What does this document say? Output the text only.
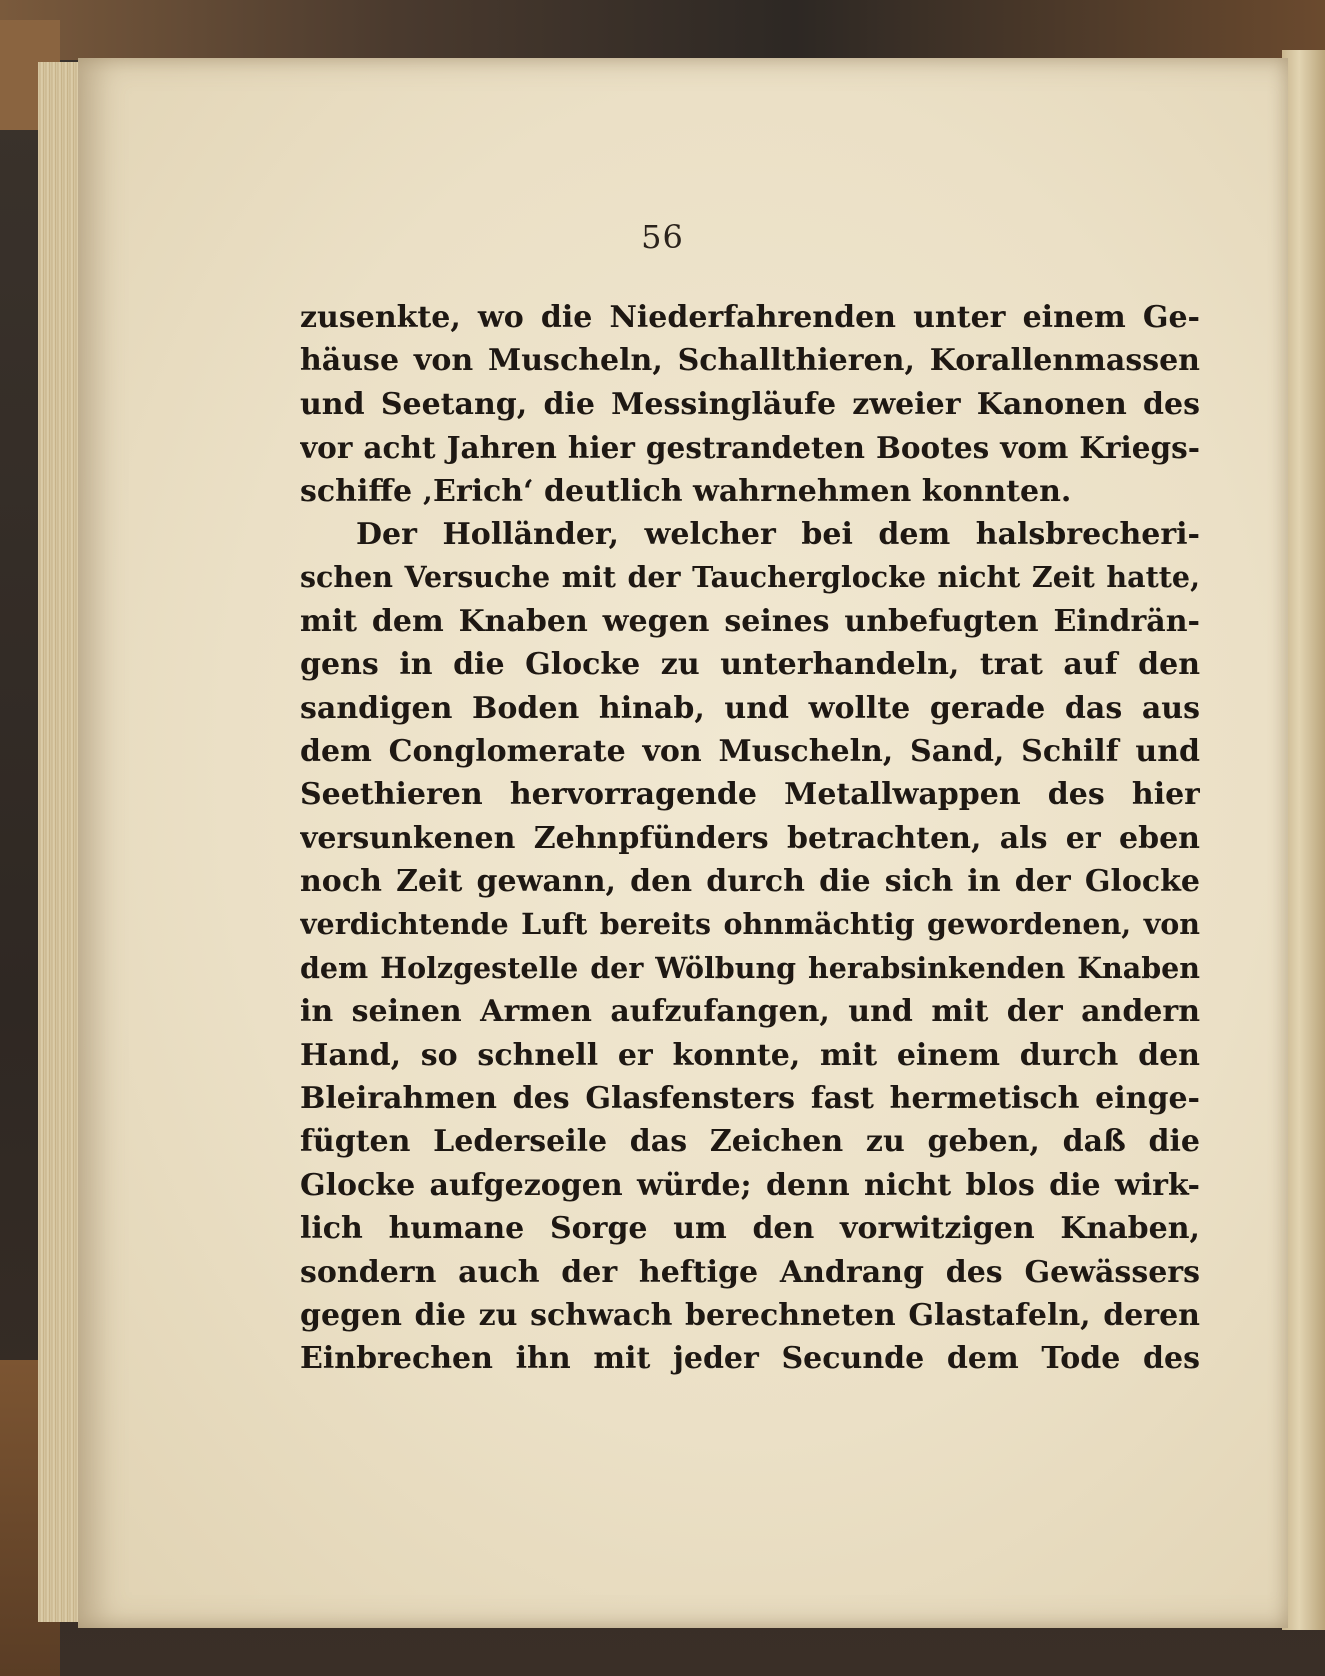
56
zusenkte, wo die Niederfahrenden unter einem Ge-
häuse von Muscheln, Schallthieren, Korallenmassen
und Seetang, die Messingläufe zweier Kanonen des
vor acht Jahren hier gestrandeten Bootes vom Kriegs-
schiffe ‚Erich‘ deutlich wahrnehmen konnten.
Der Holländer, welcher bei dem halsbrecheri-
schen Versuche mit der Taucherglocke nicht Zeit hatte,
mit dem Knaben wegen seines unbefugten Eindrän-
gens in die Glocke zu unterhandeln, trat auf den
sandigen Boden hinab, und wollte gerade das aus
dem Conglomerate von Muscheln, Sand, Schilf und
Seethieren hervorragende Metallwappen des hier
versunkenen Zehnpfünders betrachten, als er eben
noch Zeit gewann, den durch die sich in der Glocke
verdichtende Luft bereits ohnmächtig gewordenen, von
dem Holzgestelle der Wölbung herabsinkenden Knaben
in seinen Armen aufzufangen, und mit der andern
Hand, so schnell er konnte, mit einem durch den
Bleirahmen des Glasfensters fast hermetisch einge-
fügten Lederseile das Zeichen zu geben, daß die
Glocke aufgezogen würde; denn nicht blos die wirk-
lich humane Sorge um den vorwitzigen Knaben,
sondern auch der heftige Andrang des Gewässers
gegen die zu schwach berechneten Glastafeln, deren
Einbrechen ihn mit jeder Secunde dem Tode des
